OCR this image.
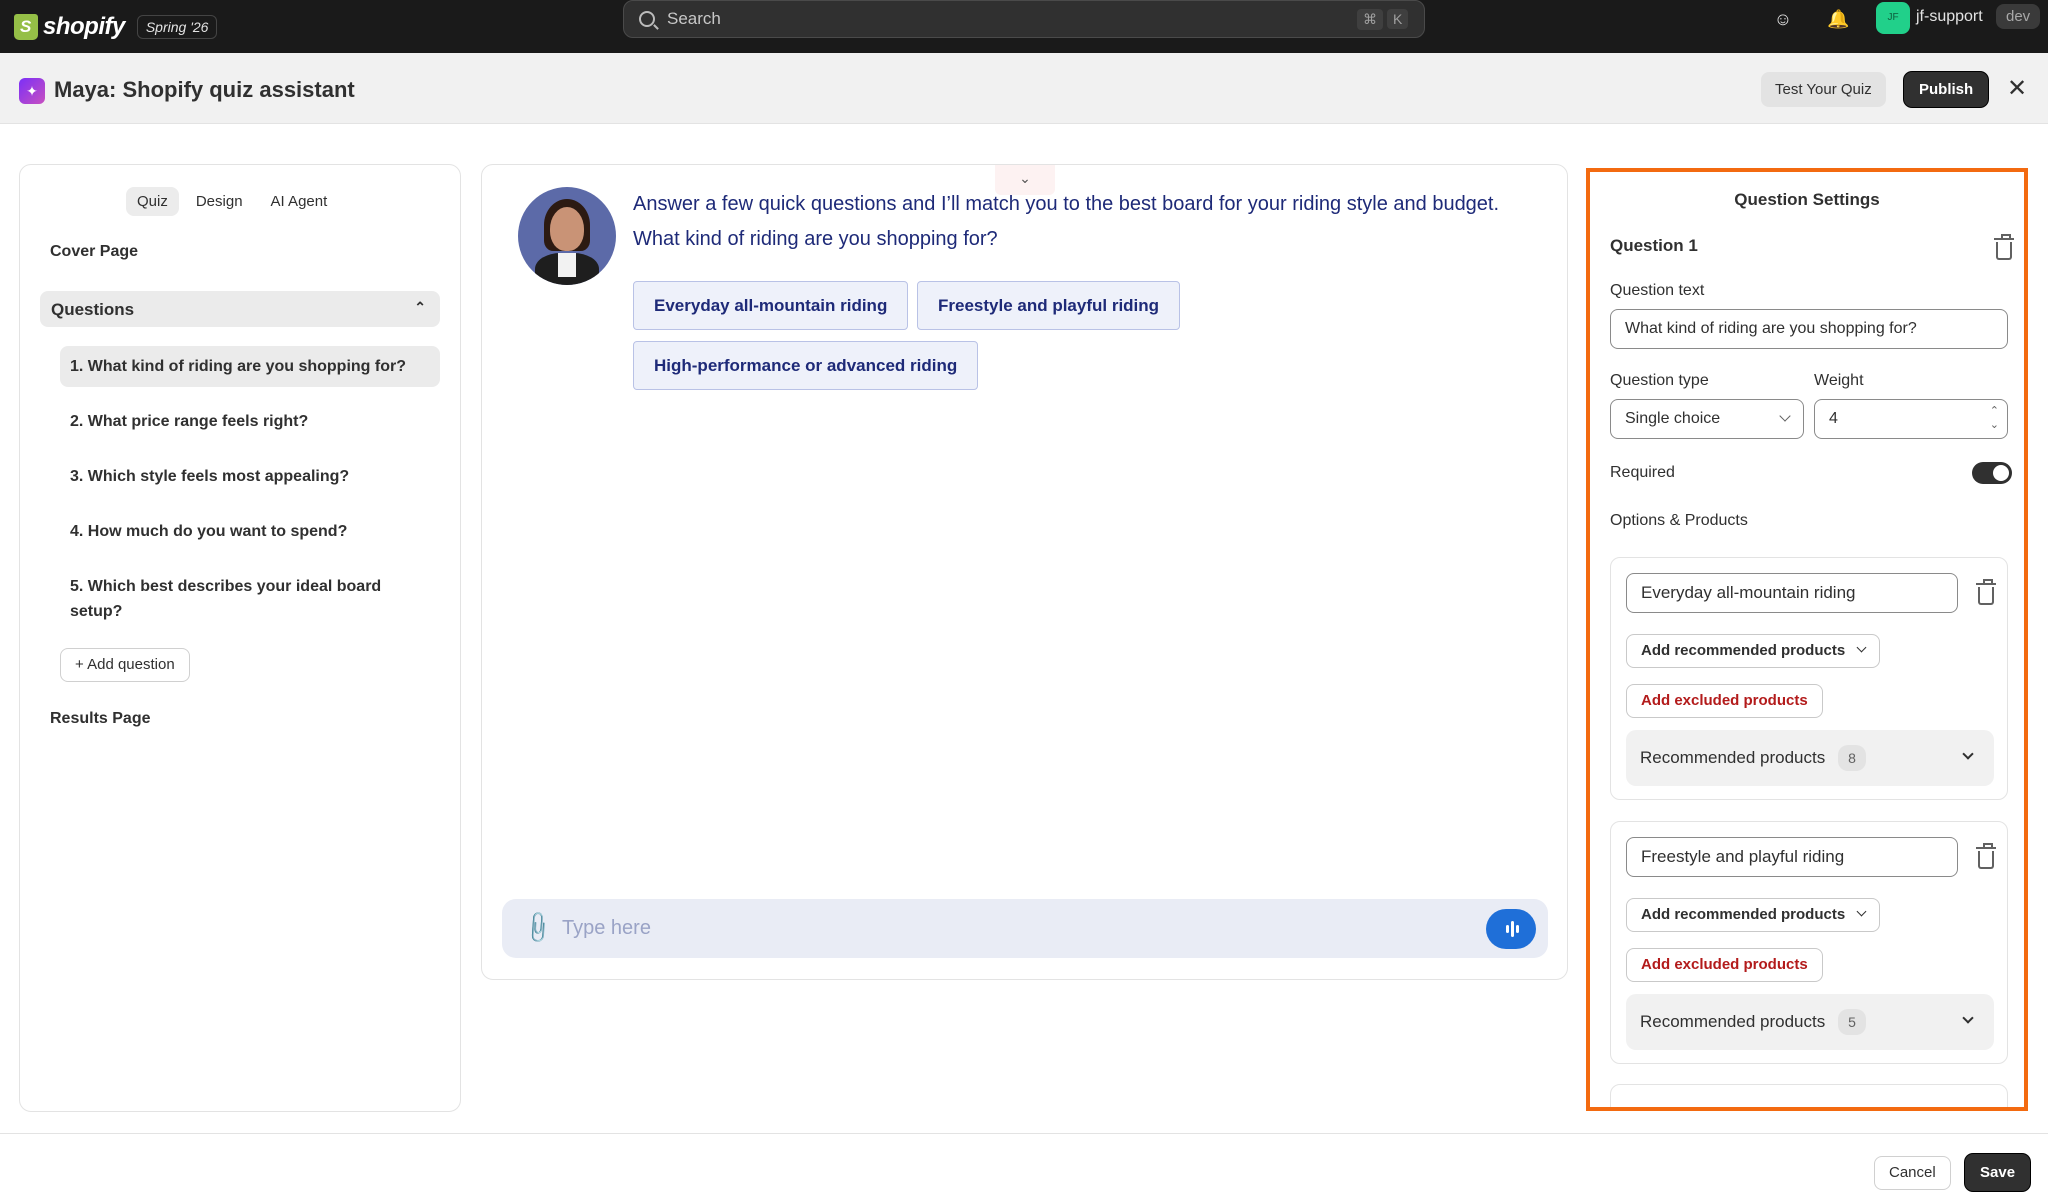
S
shopify	Spring '26	Search	⌘	K	☺ 🔔	JF	jf-support	dev
✦ Maya: Shopify quiz assistant	Test Your Quiz	Publish	✕
Quiz	Design	AI Agent
Cover Page
Questions	⌃
1. What kind of riding are you shopping for?
2. What price range feels right?
3. Which style feels most appealing?
4. How much do you want to spend?
5. Which best describes your ideal board setup?
+ Add question
Results Page
⌄
Answer a few quick questions and I’ll match you to the best board for your riding style and budget. What kind of riding are you shopping for?
Everyday all-mountain riding	Freestyle and playful riding
High-performance or advanced riding
📎 Type here
Question Settings
Question 1
Question text
What kind of riding are you shopping for?
Question type	Weight
Single choice	4	⌃
⌄
Required
Options & Products
Everyday all-mountain riding
Add recommended products
Add excluded products
Recommended products	8
Freestyle and playful riding
Add recommended products
Add excluded products
Recommended products	5
Cancel	Save
